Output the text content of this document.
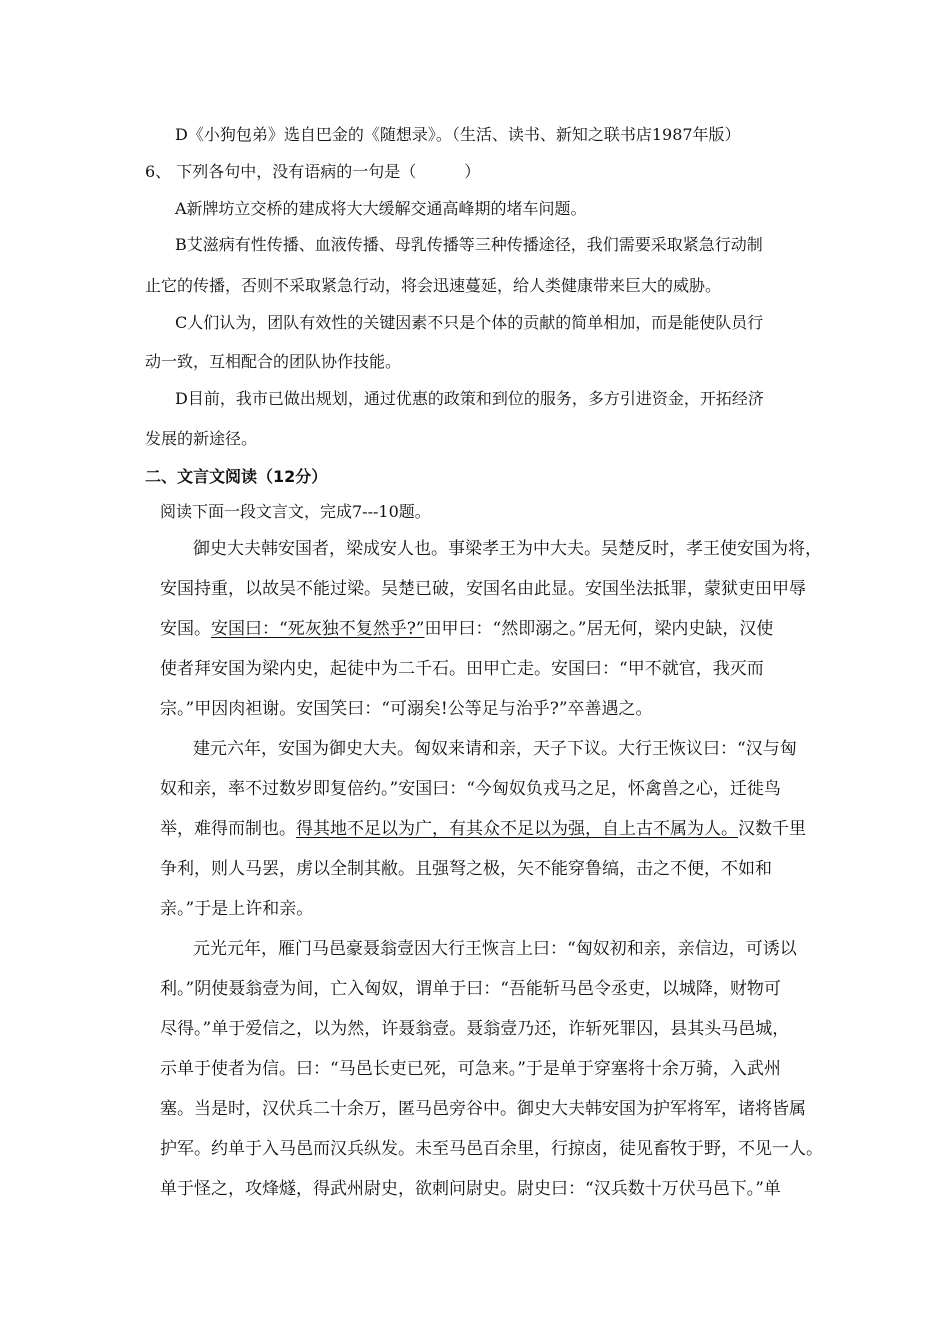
D《小狗包弟》选自巴金的《随想录》。（生活、读书、新知之联书店1987年版）
6、 下列各句中，没有语病的一句是（　　　）
A新牌坊立交桥的建成将大大缓解交通高峰期的堵车问题。
B艾滋病有性传播、血液传播、母乳传播等三种传播途径，我们需要采取紧急行动制
止它的传播，否则不采取紧急行动，将会迅速蔓延，给人类健康带来巨大的威胁。
C人们认为，团队有效性的关键因素不只是个体的贡献的简单相加，而是能使队员行
动一致，互相配合的团队协作技能。
D目前，我市已做出规划，通过优惠的政策和到位的服务，多方引进资金，开拓经济
发展的新途径。
二、文言文阅读（12分）
阅读下面一段文言文，完成7---10题。
御史大夫韩安国者，梁成安人也。事梁孝王为中大夫。吴楚反时，孝王使安国为将，
安国持重，以故吴不能过梁。吴楚已破，安国名由此显。安国坐法抵罪，蒙狱吏田甲辱
安国。安国曰：“死灰独不复然乎?”田甲曰：“然即溺之。”居无何，梁内史缺，汉使
使者拜安国为梁内史，起徒中为二千石。田甲亡走。安国曰：“甲不就官，我灭而
宗。”甲因肉袒谢。安国笑曰：“可溺矣!公等足与治乎?”卒善遇之。
建元六年，安国为御史大夫。匈奴来请和亲，天子下议。大行王恢议曰：“汉与匈
奴和亲，率不过数岁即复倍约。”安国曰：“今匈奴负戎马之足，怀禽兽之心，迁徙鸟
举，难得而制也。得其地不足以为广，有其众不足以为强，自上古不属为人。汉数千里
争利，则人马罢，虏以全制其敝。且强弩之极，矢不能穿鲁缟，击之不便，不如和
亲。”于是上许和亲。
元光元年，雁门马邑豪聂翁壹因大行王恢言上曰：“匈奴初和亲，亲信边，可诱以
利。”阴使聂翁壹为间，亡入匈奴，谓单于曰：“吾能斩马邑令丞吏，以城降，财物可
尽得。”单于爱信之，以为然，许聂翁壹。聂翁壹乃还，诈斩死罪囚，县其头马邑城，
示单于使者为信。曰：“马邑长吏已死，可急来。”于是单于穿塞将十余万骑，入武州
塞。当是时，汉伏兵二十余万，匿马邑旁谷中。御史大夫韩安国为护军将军，诸将皆属
护军。约单于入马邑而汉兵纵发。未至马邑百余里，行掠卤，徒见畜牧于野，不见一人。
单于怪之，攻烽燧，得武州尉史，欲刺问尉史。尉史曰：“汉兵数十万伏马邑下。”单
